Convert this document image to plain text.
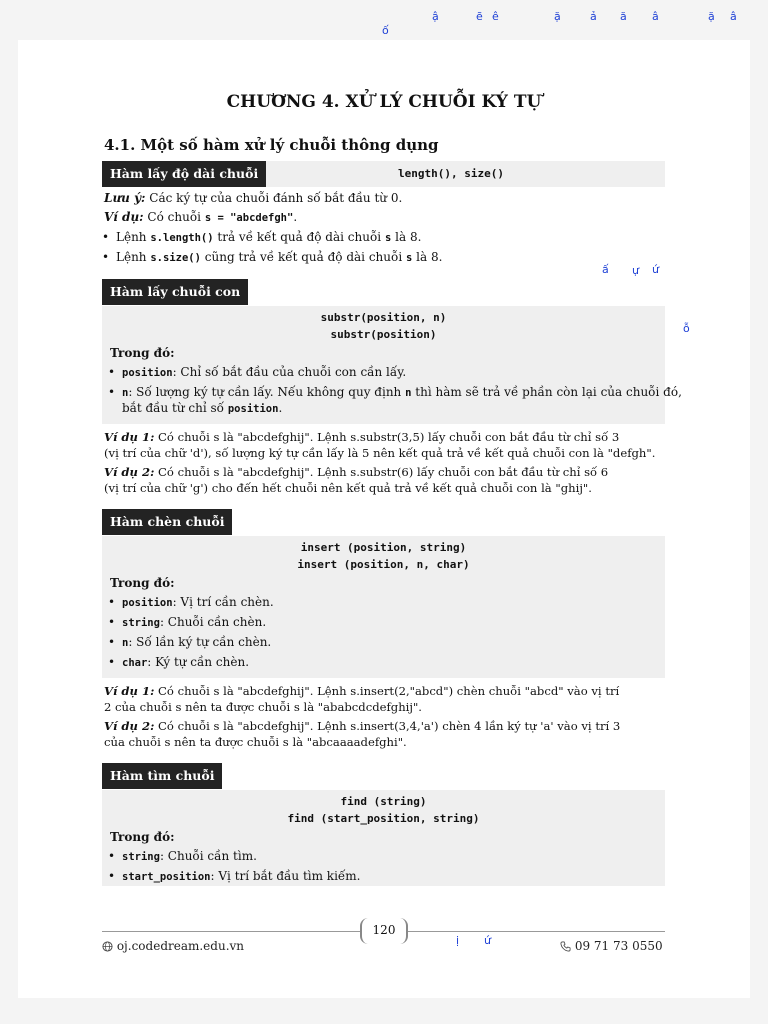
ậ	ẽ ê	ặ	ả ă â	ặ â
ố
ấ ự ứ
ỗ
ị ứ
CHƯƠNG 4. XỬ LÝ CHUỖI KÝ TỰ
4.1. Một số hàm xử lý chuỗi thông dụng
Hàm lấy độ dài chuỗi	length(), size()
Lưu ý: Các ký tự của chuỗi đánh số bắt đầu từ 0.
Ví dụ: Có chuỗi s = "abcdefgh".
• Lệnh s.length() trả về kết quả độ dài chuỗi s là 8.
• Lệnh s.size() cũng trả về kết quả độ dài chuỗi s là 8.
Hàm lấy chuỗi con
substr(position, n)
substr(position)
Trong đó:
• position: Chỉ số bắt đầu của chuỗi con cần lấy.
• n: Số lượng ký tự cần lấy. Nếu không quy định n thì hàm sẽ trả về phần còn lại của chuỗi đó,
bắt đầu từ chỉ số position.
Ví dụ 1: Có chuỗi s là "abcdefghij". Lệnh s.substr(3,5) lấy chuỗi con bắt đầu từ chỉ số 3
(vị trí của chữ 'd'), số lượng ký tự cần lấy là 5 nên kết quả trả về kết quả chuỗi con là "defgh".
Ví dụ 2: Có chuỗi s là "abcdefghij". Lệnh s.substr(6) lấy chuỗi con bắt đầu từ chỉ số 6
(vị trí của chữ 'g') cho đến hết chuỗi nên kết quả trả về kết quả chuỗi con là "ghij".
Hàm chèn chuỗi
insert (position, string)
insert (position, n, char)
Trong đó:
• position: Vị trí cần chèn.
• string: Chuỗi cần chèn.
• n: Số lần ký tự cần chèn.
• char: Ký tự cần chèn.
Ví dụ 1: Có chuỗi s là "abcdefghij". Lệnh s.insert(2,"abcd") chèn chuỗi "abcd" vào vị trí
2 của chuỗi s nên ta được chuỗi s là "ababcdcdefghij".
Ví dụ 2: Có chuỗi s là "abcdefghij". Lệnh s.insert(3,4,'a') chèn 4 lần ký tự 'a' vào vị trí 3
của chuỗi s nên ta được chuỗi s là "abcaaaadefghi".
Hàm tìm chuỗi
find (string)
find (start_position, string)
Trong đó:
• string: Chuỗi cần tìm.
• start_position: Vị trí bắt đầu tìm kiếm.
120
oj.codedream.edu.vn	09 71 73 0550
